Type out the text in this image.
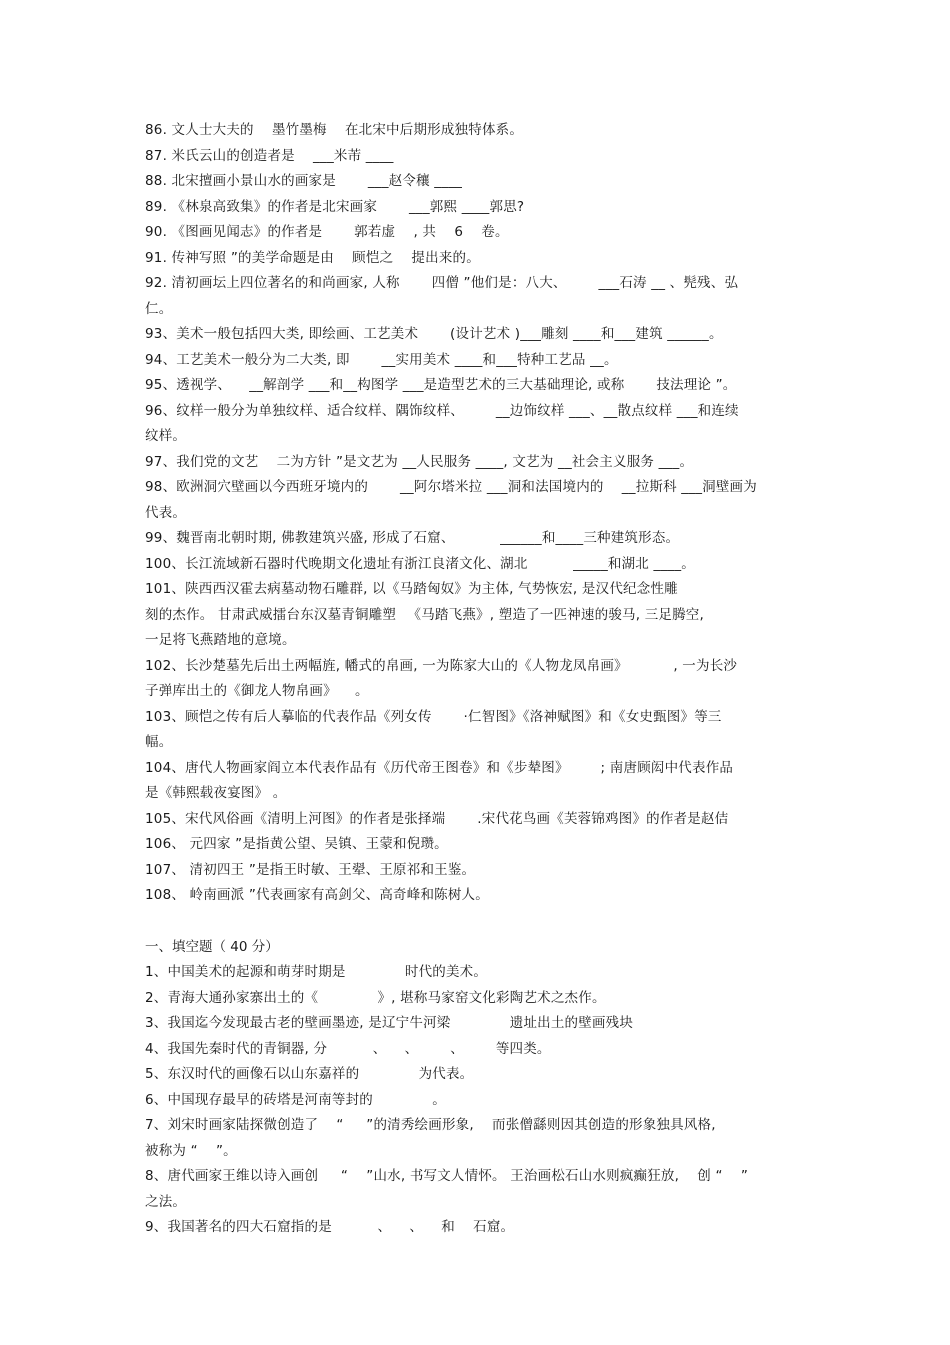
86. 文人士大夫的 　墨竹墨梅 　在北宋中后期形成独特体系。
87. 米氏云山的创造者是 　___米芾 ____
88. 北宋擅画小景山水的画家是 　　___赵令穰 ____
89. 《林泉高致集》的作者是北宋画家 　　___郭熙 ____郭思?
90. 《图画见闻志》的作者是 　　郭若虚 　, 共 　6 　卷。
91. 传神写照 ”的美学命题是由 　顾恺之 　提出来的。
92. 清初画坛上四位著名的和尚画家, 人称 　　四僧 ”他们是：八大、 　　___石涛 __ 、髡残、弘
仁。
93、美术一般包括四大类, 即绘画、工艺美术 　　(设计艺术 )___雕刻 ____和___建筑 ______。
94、工艺美术一般分为二大类, 即 　　__实用美术 ____和___特种工艺品 __。
95、透视学、 　__解剖学 ___和__构图学 ___是造型艺术的三大基础理论, 或称 　　技法理论 ”。
96、纹样一般分为单独纹样、适合纹样、隅饰纹样、 　　__边饰纹样 ___、__散点纹样 ___和连续
纹样。
97、我们党的文艺 　二为方针 ”是文艺为 __人民服务 ____, 文艺为 __社会主义服务 ___。
98、欧洲洞穴壁画以今西班牙境内的 　　__阿尔塔米拉 ___洞和法国境内的 　__拉斯科 ___洞壁画为
代表。
99、魏晋南北朝时期, 佛教建筑兴盛, 形成了石窟、 　　　______和____三种建筑形态。
100、长江流域新石器时代晚期文化遗址有浙江良渚文化、湖北 　　　_____和湖北 ____。
101、陕西西汉霍去病墓动物石雕群, 以《马踏匈奴》为主体, 气势恢宏, 是汉代纪念性雕
刻的杰作。 甘肃武威擂台东汉墓青铜雕塑 　《马踏飞燕》, 塑造了一匹神速的骏马, 三足腾空,
一足将飞燕踏地的意境。
102、长沙楚墓先后出土两幅旌, 幡式的帛画, 一为陈家大山的《人物龙凤帛画》 　　　, 一为长沙
子弹库出土的《御龙人物帛画》 　。
103、顾恺之传有后人摹临的代表作品《列女传 　　·仁智图》《洛神赋图》和《女史甄图》等三
幅。
104、唐代人物画家阎立本代表作品有《历代帝王图卷》和《步辇图》 　　; 南唐顾闳中代表作品
是《韩熙载夜宴图》 。
105、宋代风俗画《清明上河图》的作者是张择端 　　.宋代花鸟画《芙蓉锦鸡图》的作者是赵佶
106、 元四家 ”是指黄公望、吴镇、王蒙和倪瓒。
107、 清初四王 ”是指王时敏、王翚、王原祁和王鉴。
108、 岭南画派 ”代表画家有高剑父、高奇峰和陈树人。
一、填空题（ 40 分）
1、中国美术的起源和萌芽时期是 　　　　时代的美术。
2、青海大通孙家寨出土的《 　　　　》, 堪称马家窑文化彩陶艺术之杰作。
3、我国迄今发现最古老的壁画墨迹, 是辽宁牛河梁 　　　　遗址出土的壁画残块
4、我国先秦时代的青铜器, 分 　　　、 　、 　　、 　　等四类。
5、东汉时代的画像石以山东嘉祥的 　　　　为代表。
6、中国现存最早的砖塔是河南等封的 　　　　。
7、刘宋时画家陆探微创造了 　“ 　 ”的清秀绘画形象, 　而张僧繇则因其创造的形象独具风格,
被称为 “ 　”。
8、唐代画家王维以诗入画创 　 “ 　”山水, 书写文人情怀。 王治画松石山水则疯癫狂放, 　创 “ 　”
之法。
9、我国著名的四大石窟指的是 　　　、 　、 　和 　石窟。
